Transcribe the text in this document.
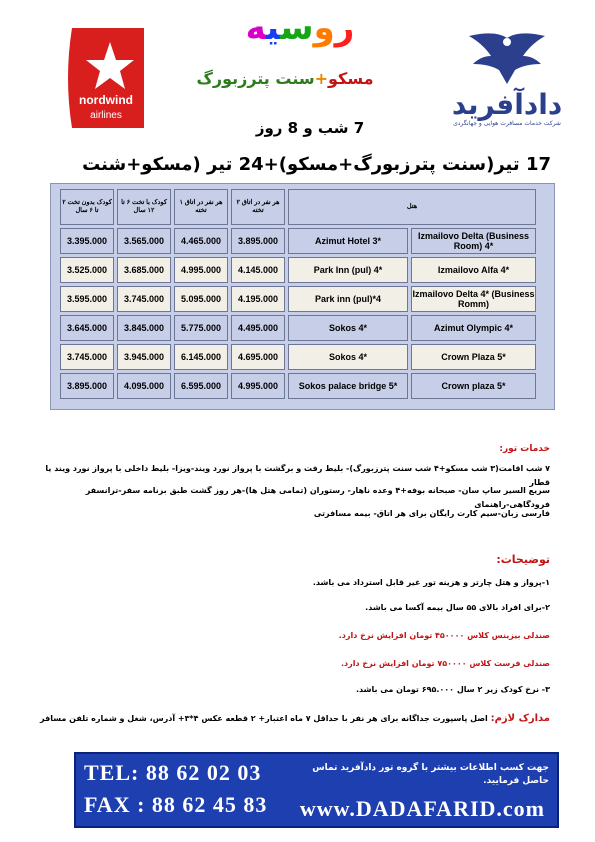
nordwind
airlines
روسیه
مسکو+سنت پترزبورگ
7 شب و 8 روز
دادآفرید
شرکت خدمات مسافرت هوایی و جهانگردی
17 تیر(سنت پترزبورگ+مسکو)+24 تیر (مسکو+شنت
کودک بدون تخت ۲ تا ۶ سال	کودک با تخت ۶ تا ۱۲ سال	هر نفر در اتاق ۱ تخته	هر نفر در اتاق ۲ تخته	هتل	
3.395.000	3.565.000	4.465.000	3.895.000	Azimut Hotel 3*	Izmailovo Delta (Business Room) 4*
3.525.000	3.685.000	4.995.000	4.145.000	Park Inn (pul) 4*	Izmailovo Alfa 4*
3.595.000	3.745.000	5.095.000	4.195.000	Park inn (pul)*4	Izmailovo Delta 4* (Business Romm)
3.645.000	3.845.000	5.775.000	4.495.000	Sokos 4*	Azimut Olympic 4*
3.745.000	3.945.000	6.145.000	4.695.000	Sokos 4*	Crown Plaza 5*
3.895.000	4.095.000	6.595.000	4.995.000	Sokos palace bridge 5*	Crown plaza 5*
خدمات تور:
۷ شب اقامت(۳ شب مسکو+۴ شب سنت پترزبورگ)- بلیط رفت و برگشت با پرواز نورد ویند-ویزا- بلیط داخلی با پرواز نورد ویند یا قطار
سریع السیر ساپ سان- صبحانه بوفه+۴ وعده ناهار- رستوران (تمامی هتل ها)-هر روز گشت طبق برنامه سفر-ترانسفر فرودگاهی-راهنمای
فارسی زبان-سیم کارت رایگان برای هر اتاق- بیمه مسافرتی
توضیحات:
۱-پرواز و هتل چارتر و هزینه تور غیر قابل استرداد می باشد.
۲-برای افراد بالای ۵۵ سال بیمه آکسا می باشد.
صندلی بیزینس کلاس ۴۵۰۰۰۰ تومان افزایش نرخ دارد.
صندلی فرست کلاس ۷۵۰۰۰۰ تومان افزایش نرخ دارد.
۳- نرخ کودک زیر ۲ سال ۶۹۵.۰۰۰ تومان می باشد.
مدارک لازم: اصل پاسپورت جداگانه برای هر نفر با حداقل ۷ ماه اعتبار+ ۲ قطعه عکس ۴*۳+ آدرس، شغل و شماره تلفن مسافر
TEL: 88 62 02 03
FAX : 88 62 45 83
جهت کسب اطلاعات بیشتر با گروه تور دادآفرید تماس حاصل فرمایید.
www.DADAFARID.com
